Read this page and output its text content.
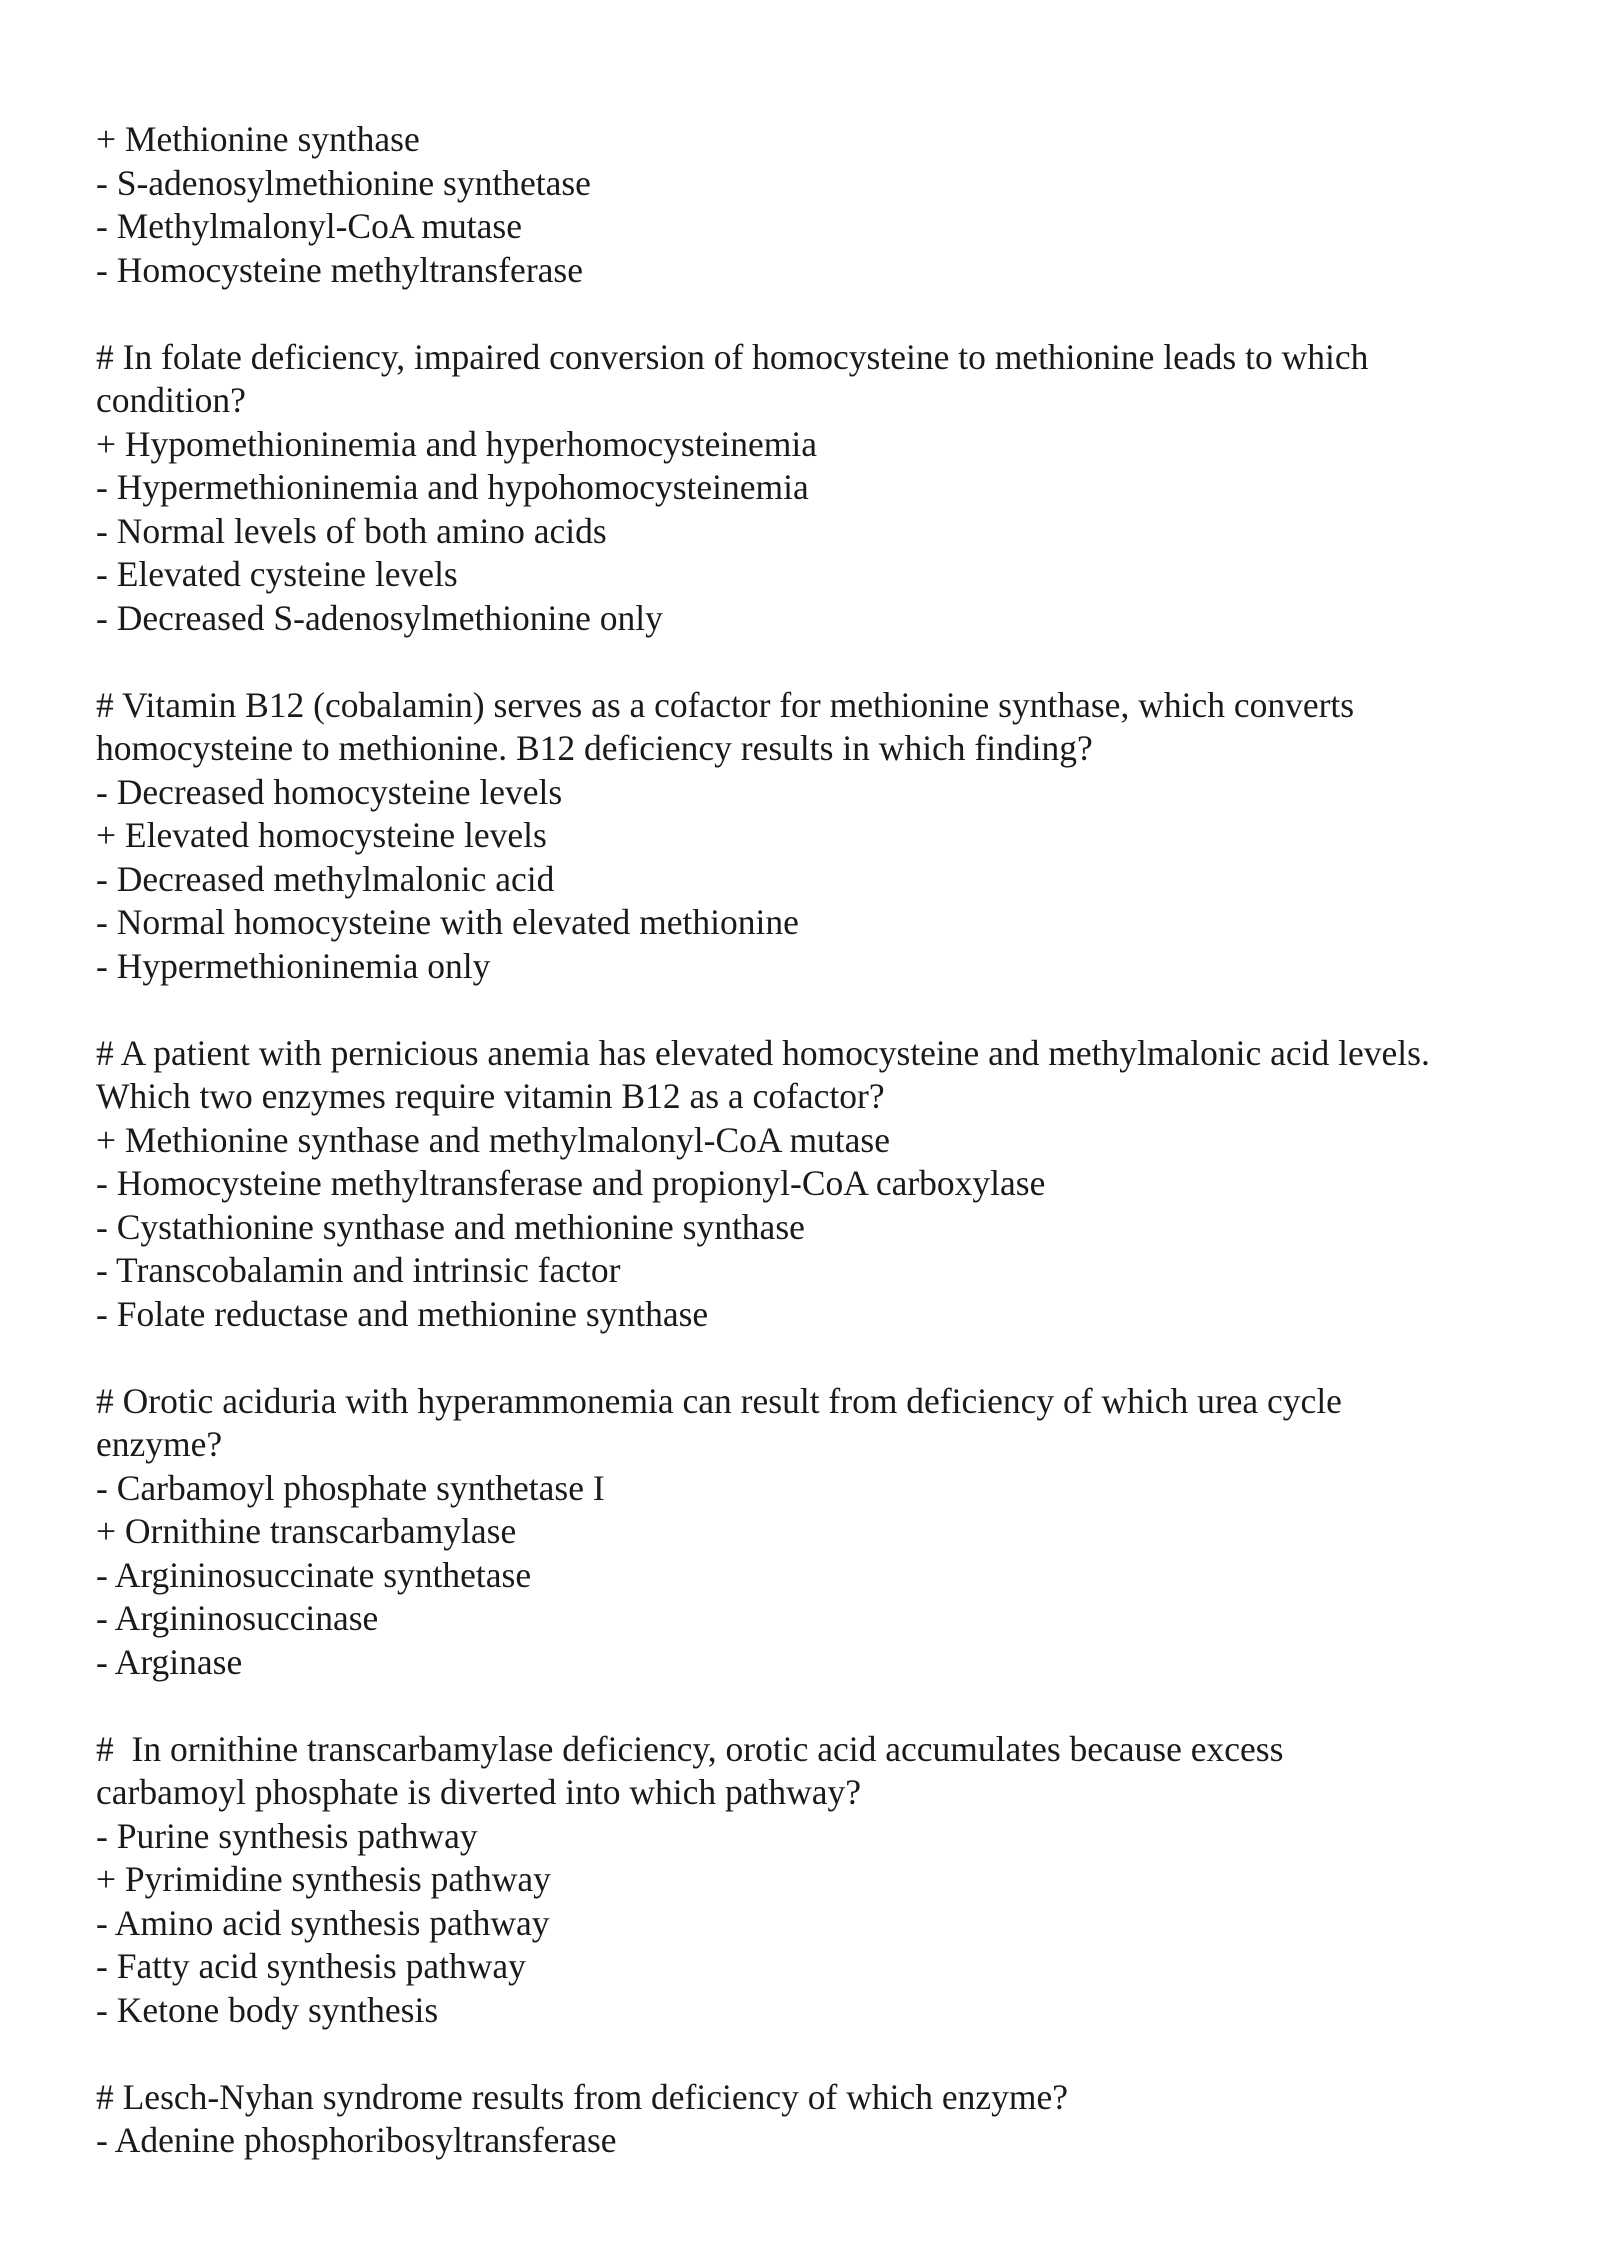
+ Methionine synthase
- S-adenosylmethionine synthetase
- Methylmalonyl-CoA mutase
- Homocysteine methyltransferase
# In folate deficiency, impaired conversion of homocysteine to methionine leads to which
condition?
+ Hypomethioninemia and hyperhomocysteinemia
- Hypermethioninemia and hypohomocysteinemia
- Normal levels of both amino acids
- Elevated cysteine levels
- Decreased S-adenosylmethionine only
# Vitamin B12 (cobalamin) serves as a cofactor for methionine synthase, which converts
homocysteine to methionine. B12 deficiency results in which finding?
- Decreased homocysteine levels
+ Elevated homocysteine levels
- Decreased methylmalonic acid
- Normal homocysteine with elevated methionine
- Hypermethioninemia only
# A patient with pernicious anemia has elevated homocysteine and methylmalonic acid levels.
Which two enzymes require vitamin B12 as a cofactor?
+ Methionine synthase and methylmalonyl-CoA mutase
- Homocysteine methyltransferase and propionyl-CoA carboxylase
- Cystathionine synthase and methionine synthase
- Transcobalamin and intrinsic factor
- Folate reductase and methionine synthase
# Orotic aciduria with hyperammonemia can result from deficiency of which urea cycle
enzyme?
- Carbamoyl phosphate synthetase I
+ Ornithine transcarbamylase
- Argininosuccinate synthetase
- Argininosuccinase
- Arginase
#  In ornithine transcarbamylase deficiency, orotic acid accumulates because excess
carbamoyl phosphate is diverted into which pathway?
- Purine synthesis pathway
+ Pyrimidine synthesis pathway
- Amino acid synthesis pathway
- Fatty acid synthesis pathway
- Ketone body synthesis
# Lesch-Nyhan syndrome results from deficiency of which enzyme?
- Adenine phosphoribosyltransferase
